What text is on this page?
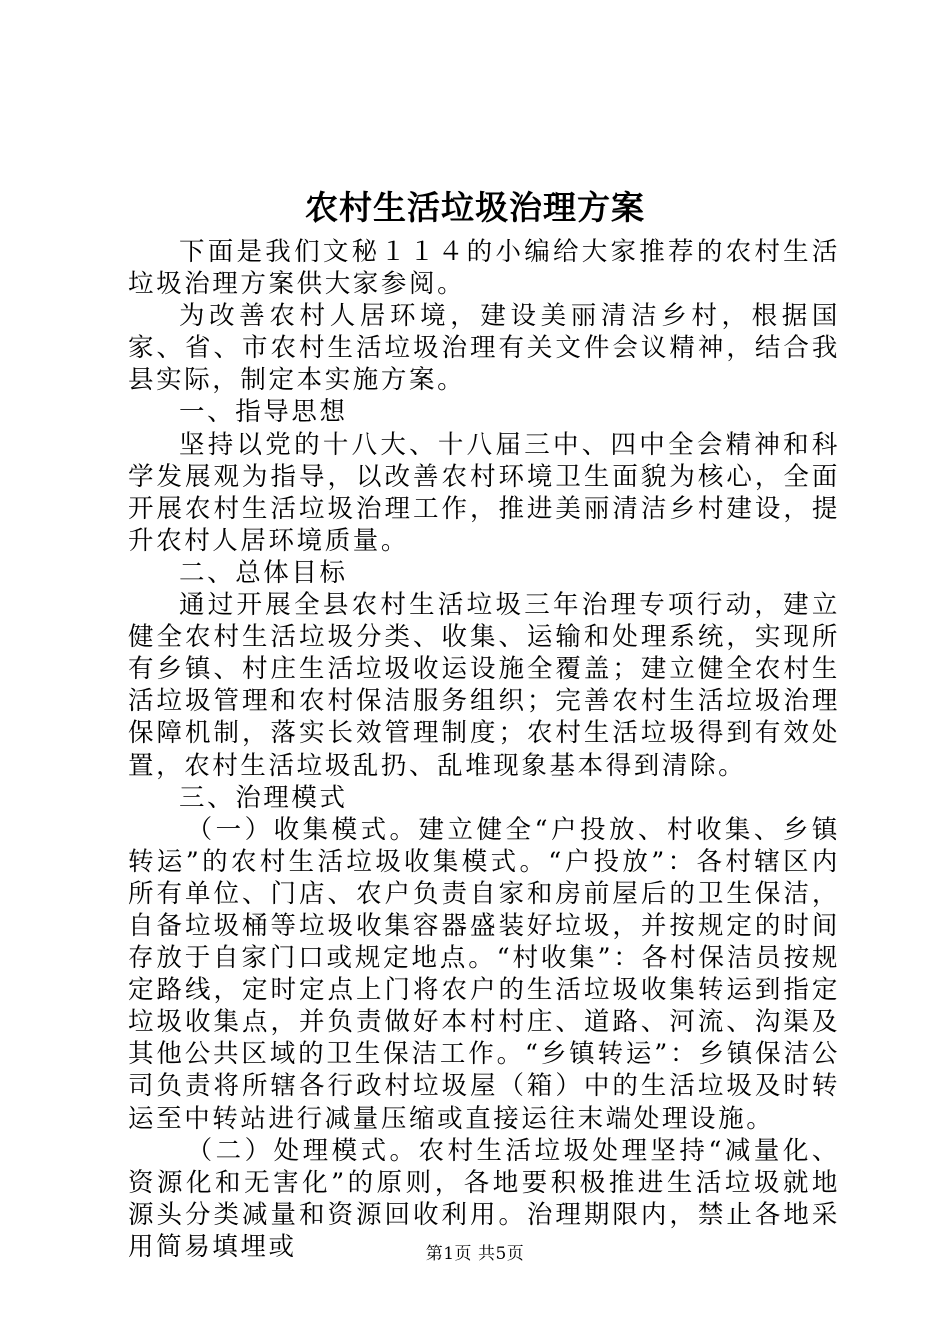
农村生活垃圾治理方案

下面是我们文秘１１４的小编给大家推荐的农村生活垃圾治理方案供大家参阅。

为改善农村人居环境，建设美丽清洁乡村，根据国家、省、市农村生活垃圾治理有关文件会议精神，结合我县实际，制定本实施方案。

一、指导思想

坚持以党的十八大、十八届三中、四中全会精神和科学发展观为指导，以改善农村环境卫生面貌为核心，全面开展农村生活垃圾治理工作，推进美丽清洁乡村建设，提升农村人居环境质量。

二、总体目标

通过开展全县农村生活垃圾三年治理专项行动，建立健全农村生活垃圾分类、收集、运输和处理系统，实现所有乡镇、村庄生活垃圾收运设施全覆盖；建立健全农村生活垃圾管理和农村保洁服务组织；完善农村生活垃圾治理保障机制，落实长效管理制度；农村生活垃圾得到有效处置，农村生活垃圾乱扔、乱堆现象基本得到清除。

三、治理模式

（一）收集模式。建立健全“户投放、村收集、乡镇转运”的农村生活垃圾收集模式。“户投放”：各村辖区内所有单位、门店、农户负责自家和房前屋后的卫生保洁，自备垃圾桶等垃圾收集容器盛装好垃圾，并按规定的时间存放于自家门口或规定地点。“村收集”：各村保洁员按规定路线，定时定点上门将农户的生活垃圾收集转运到指定垃圾收集点，并负责做好本村村庄、道路、河流、沟渠及其他公共区域的卫生保洁工作。“乡镇转运”：乡镇保洁公司负责将所辖各行政村垃圾屋（箱）中的生活垃圾及时转运至中转站进行减量压缩或直接运往末端处理设施。

（二）处理模式。农村生活垃圾处理坚持“减量化、资源化和无害化”的原则，各地要积极推进生活垃圾就地源头分类减量和资源回收利用。治理期限内，禁止各地采用简易填埋或	第1页 共5页
